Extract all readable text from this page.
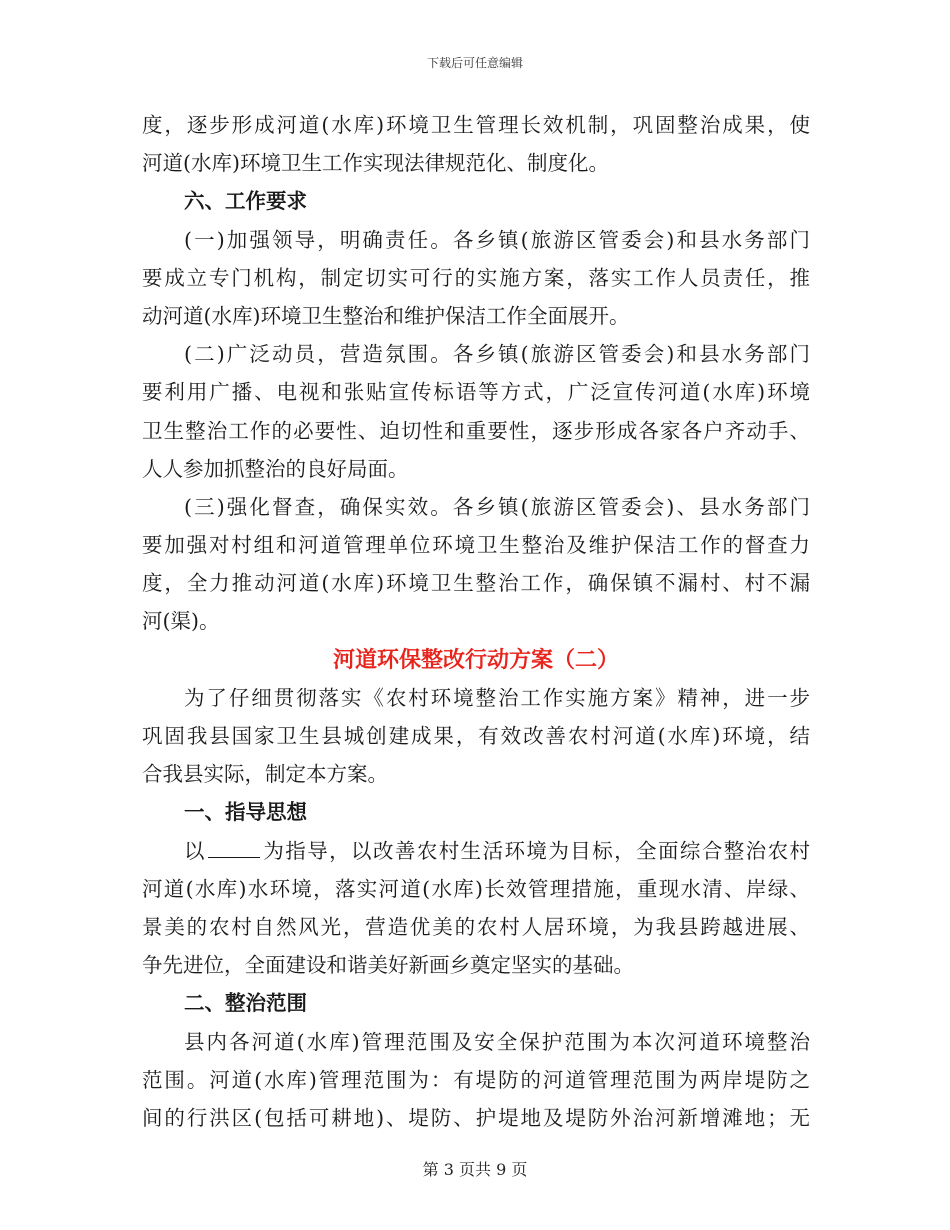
下载后可任意编辑
度，逐步形成河道(水库)环境卫生管理长效机制，巩固整治成果，使
河道(水库)环境卫生工作实现法律规范化、制度化。
六、工作要求
(一)加强领导，明确责任。各乡镇(旅游区管委会)和县水务部门
要成立专门机构，制定切实可行的实施方案，落实工作人员责任，推
动河道(水库)环境卫生整治和维护保洁工作全面展开。
(二)广泛动员，营造氛围。各乡镇(旅游区管委会)和县水务部门
要利用广播、电视和张贴宣传标语等方式，广泛宣传河道(水库)环境
卫生整治工作的必要性、迫切性和重要性，逐步形成各家各户齐动手、
人人参加抓整治的良好局面。
(三)强化督查，确保实效。各乡镇(旅游区管委会)、县水务部门
要加强对村组和河道管理单位环境卫生整治及维护保洁工作的督查力
度，全力推动河道(水库)环境卫生整治工作，确保镇不漏村、村不漏
河(渠)。
河道环保整改行动方案（二）
为了仔细贯彻落实《农村环境整治工作实施方案》精神，进一步
巩固我县国家卫生县城创建成果，有效改善农村河道(水库)环境，结
合我县实际，制定本方案。
一、指导思想
以	为指导，以改善农村生活环境为目标，全面综合整治农村
河道(水库)水环境，落实河道(水库)长效管理措施，重现水清、岸绿、
景美的农村自然风光，营造优美的农村人居环境，为我县跨越进展、
争先进位，全面建设和谐美好新画乡奠定坚实的基础。
二、整治范围
县内各河道(水库)管理范围及安全保护范围为本次河道环境整治
范围。河道(水库)管理范围为：有堤防的河道管理范围为两岸堤防之
间的行洪区(包括可耕地)、堤防、护堤地及堤防外治河新增滩地；无
第 3 页共 9 页
